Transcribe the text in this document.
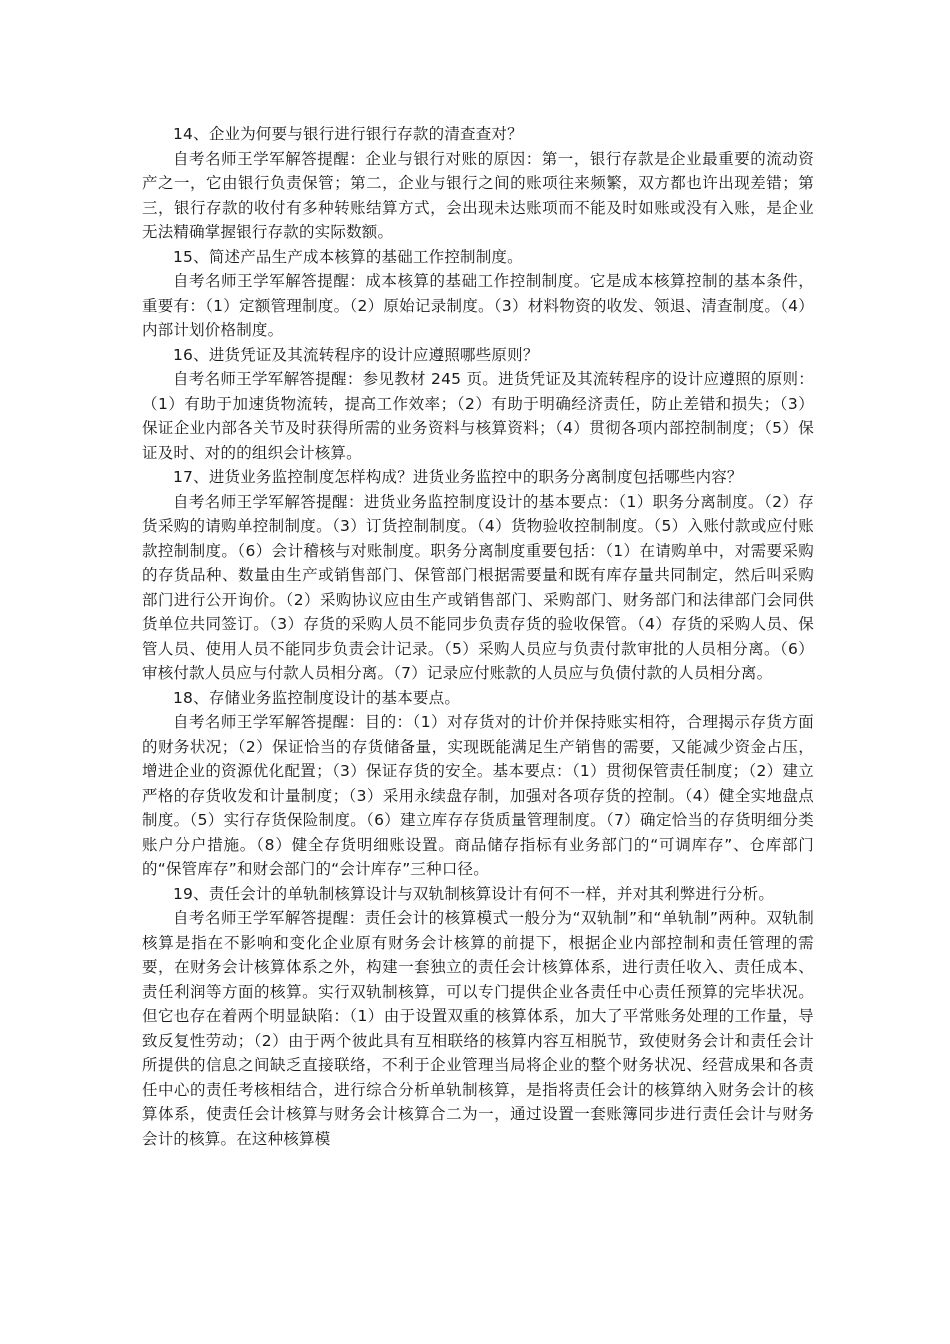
14、企业为何要与银行进行银行存款的清查查对？

自考名师王学军解答提醒：企业与银行对账的原因：第一，银行存款是企业最重要的流动资产之一，它由银行负责保管；第二，企业与银行之间的账项往来频繁，双方都也许出现差错；第三，银行存款的收付有多种转账结算方式，会出现未达账项而不能及时如账或没有入账，是企业无法精确掌握银行存款的实际数额。

15、简述产品生产成本核算的基础工作控制制度。

自考名师王学军解答提醒：成本核算的基础工作控制制度。它是成本核算控制的基本条件，重要有：（1）定额管理制度。（2）原始记录制度。（3）材料物资的收发、领退、清查制度。（4）内部计划价格制度。

16、进货凭证及其流转程序的设计应遵照哪些原则？

自考名师王学军解答提醒：参见教材 245 页。进货凭证及其流转程序的设计应遵照的原则：（1）有助于加速货物流转，提高工作效率；（2）有助于明确经济责任，防止差错和损失；（3）保证企业内部各关节及时获得所需的业务资料与核算资料；（4）贯彻各项内部控制制度；（5）保证及时、对的的组织会计核算。

17、进货业务监控制度怎样构成？进货业务监控中的职务分离制度包括哪些内容？

自考名师王学军解答提醒：进货业务监控制度设计的基本要点：（1）职务分离制度。（2）存货采购的请购单控制制度。（3）订货控制制度。（4）货物验收控制制度。（5）入账付款或应付账款控制制度。（6）会计稽核与对账制度。职务分离制度重要包括：（1）在请购单中，对需要采购的存货品种、数量由生产或销售部门、保管部门根据需要量和既有库存量共同制定，然后叫采购部门进行公开询价。（2）采购协议应由生产或销售部门、采购部门、财务部门和法律部门会同供货单位共同签订。（3）存货的采购人员不能同步负责存货的验收保管。（4）存货的采购人员、保管人员、使用人员不能同步负责会计记录。（5）采购人员应与负责付款审批的人员相分离。（6）审核付款人员应与付款人员相分离。（7）记录应付账款的人员应与负债付款的人员相分离。

18、存储业务监控制度设计的基本要点。

自考名师王学军解答提醒：目的：（1）对存货对的计价并保持账实相符，合理揭示存货方面的财务状况；（2）保证恰当的存货储备量，实现既能满足生产销售的需要，又能减少资金占压，增进企业的资源优化配置；（3）保证存货的安全。基本要点：（1）贯彻保管责任制度；（2）建立严格的存货收发和计量制度；（3）采用永续盘存制，加强对各项存货的控制。（4）健全实地盘点制度。（5）实行存货保险制度。（6）建立库存存货质量管理制度。（7）确定恰当的存货明细分类账户分户措施。（8）健全存货明细账设置。商品储存指标有业务部门的“可调库存”、仓库部门的“保管库存”和财会部门的“会计库存”三种口径。

19、责任会计的单轨制核算设计与双轨制核算设计有何不一样，并对其利弊进行分析。

自考名师王学军解答提醒：责任会计的核算模式一般分为“双轨制”和“单轨制”两种。双轨制核算是指在不影响和变化企业原有财务会计核算的前提下，根据企业内部控制和责任管理的需要，在财务会计核算体系之外，构建一套独立的责任会计核算体系，进行责任收入、责任成本、责任利润等方面的核算。实行双轨制核算，可以专门提供企业各责任中心责任预算的完毕状况。但它也存在着两个明显缺陷：（1）由于设置双重的核算体系，加大了平常账务处理的工作量，导致反复性劳动；（2）由于两个彼此具有互相联络的核算内容互相脱节，致使财务会计和责任会计所提供的信息之间缺乏直接联络，不利于企业管理当局将企业的整个财务状况、经营成果和各责任中心的责任考核相结合，进行综合分析单轨制核算，是指将责任会计的核算纳入财务会计的核算体系，使责任会计核算与财务会计核算合二为一，通过设置一套账簿同步进行责任会计与财务会计的核算。在这种核算模
